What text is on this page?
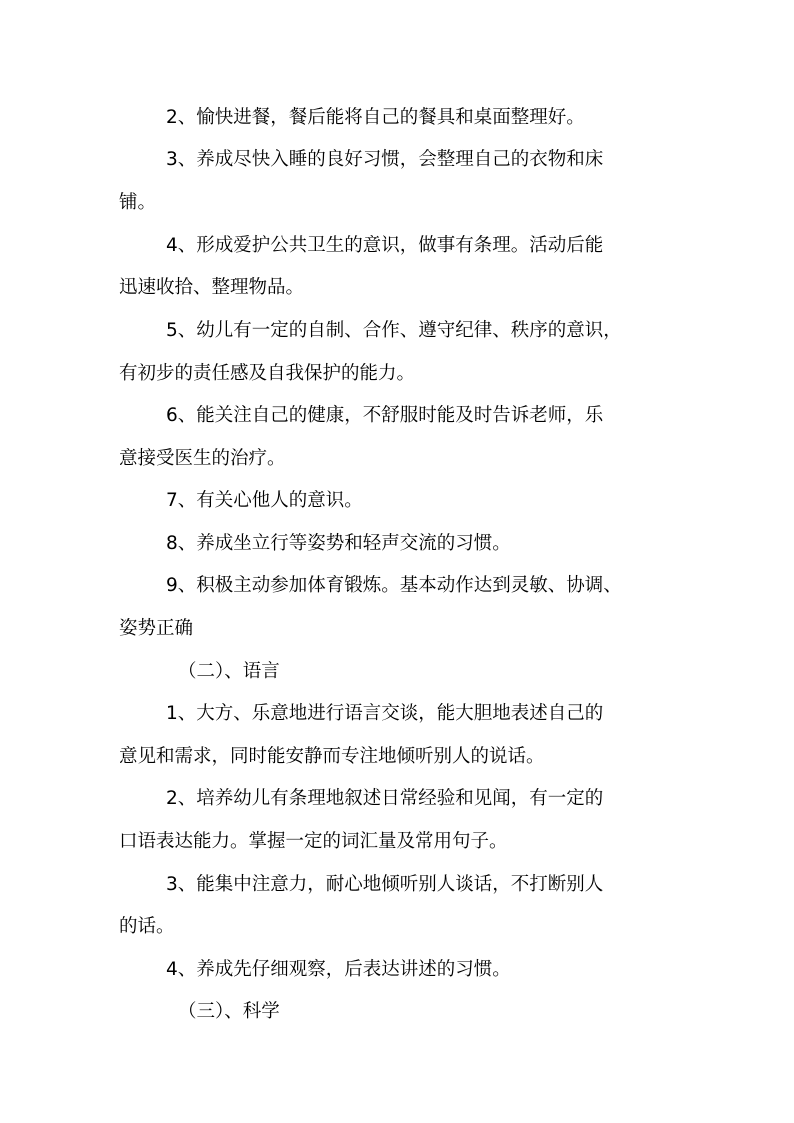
2、愉快进餐，餐后能将自己的餐具和桌面整理好。
3、养成尽快入睡的良好习惯，会整理自己的衣物和床
铺。
4、形成爱护公共卫生的意识，做事有条理。活动后能
迅速收拾、整理物品。
5、幼儿有一定的自制、合作、遵守纪律、秩序的意识，
有初步的责任感及自我保护的能力。
6、能关注自己的健康，不舒服时能及时告诉老师，乐
意接受医生的治疗。
7、有关心他人的意识。
8、养成坐立行等姿势和轻声交流的习惯。
9、积极主动参加体育锻炼。基本动作达到灵敏、协调、
姿势正确
（二）、语言
1、大方、乐意地进行语言交谈，能大胆地表述自己的
意见和需求，同时能安静而专注地倾听别人的说话。
2、培养幼儿有条理地叙述日常经验和见闻，有一定的
口语表达能力。掌握一定的词汇量及常用句子。
3、能集中注意力，耐心地倾听别人谈话，不打断别人
的话。
4、养成先仔细观察，后表达讲述的习惯。
（三）、科学
